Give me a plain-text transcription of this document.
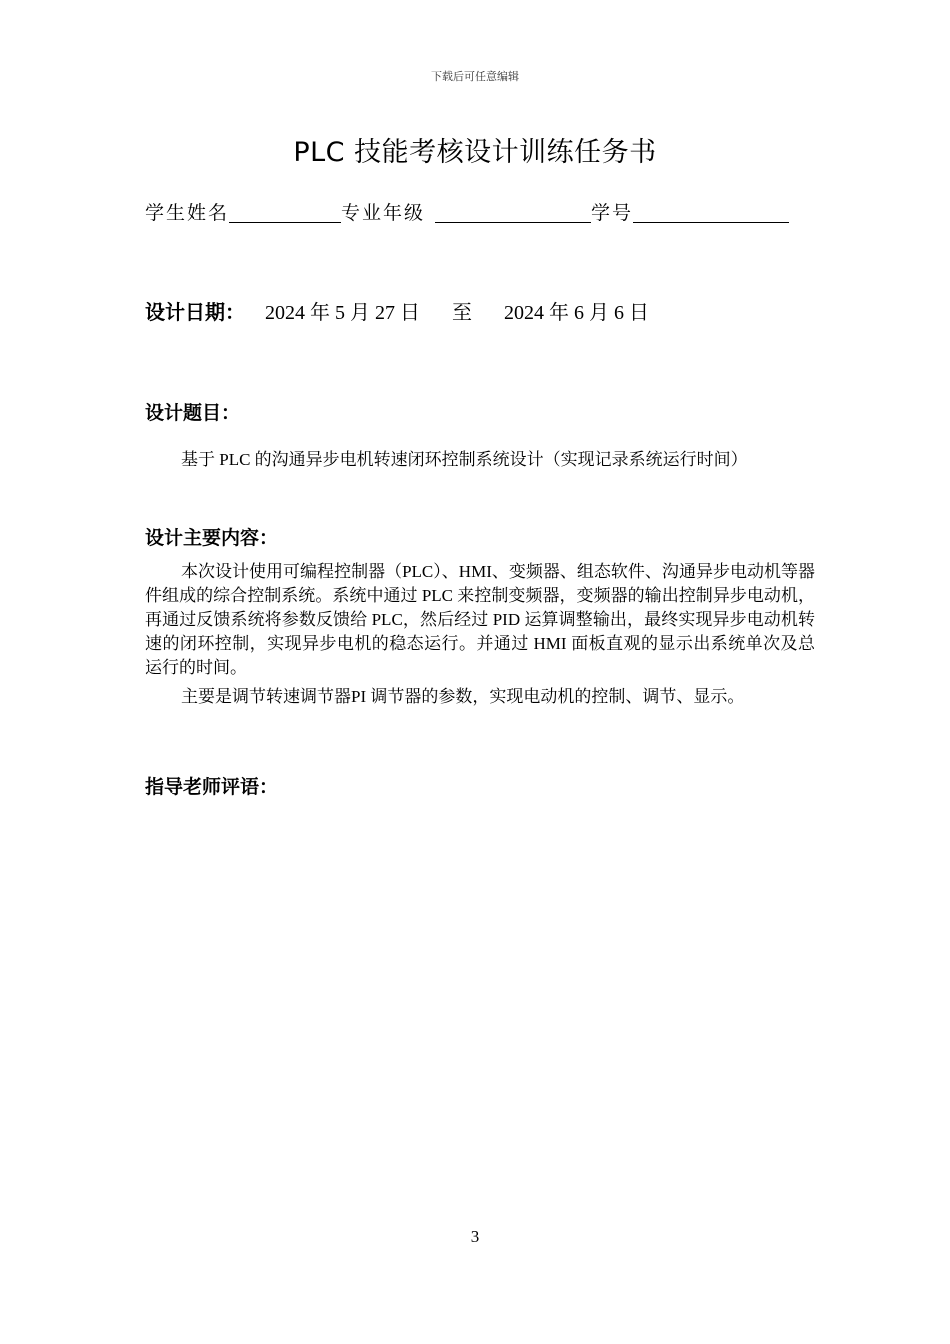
下载后可任意编辑
PLC 技能考核设计训练任务书
学生姓名	专业年级	学号
设计日期： 2024 年 5 月 27 日 至 2024 年 6 月 6 日
设计题目：

基于 PLC 的沟通异步电机转速闭环控制系统设计（实现记录系统运行时间）

设计主要内容：

本次设计使用可编程控制器（PLC）、HMI、变频器、组态软件、沟通异步电动机等器件组成的综合控制系统。系统中通过 PLC 来控制变频器，变频器的输出控制异步电动机，再通过反馈系统将参数反馈给 PLC，然后经过 PID 运算调整输出，最终实现异步电动机转速的闭环控制，实现异步电机的稳态运行。并通过 HMI 面板直观的显示出系统单次及总运行的时间。

主要是调节转速调节器PI 调节器的参数，实现电动机的控制、调节、显示。

指导老师评语：
3
